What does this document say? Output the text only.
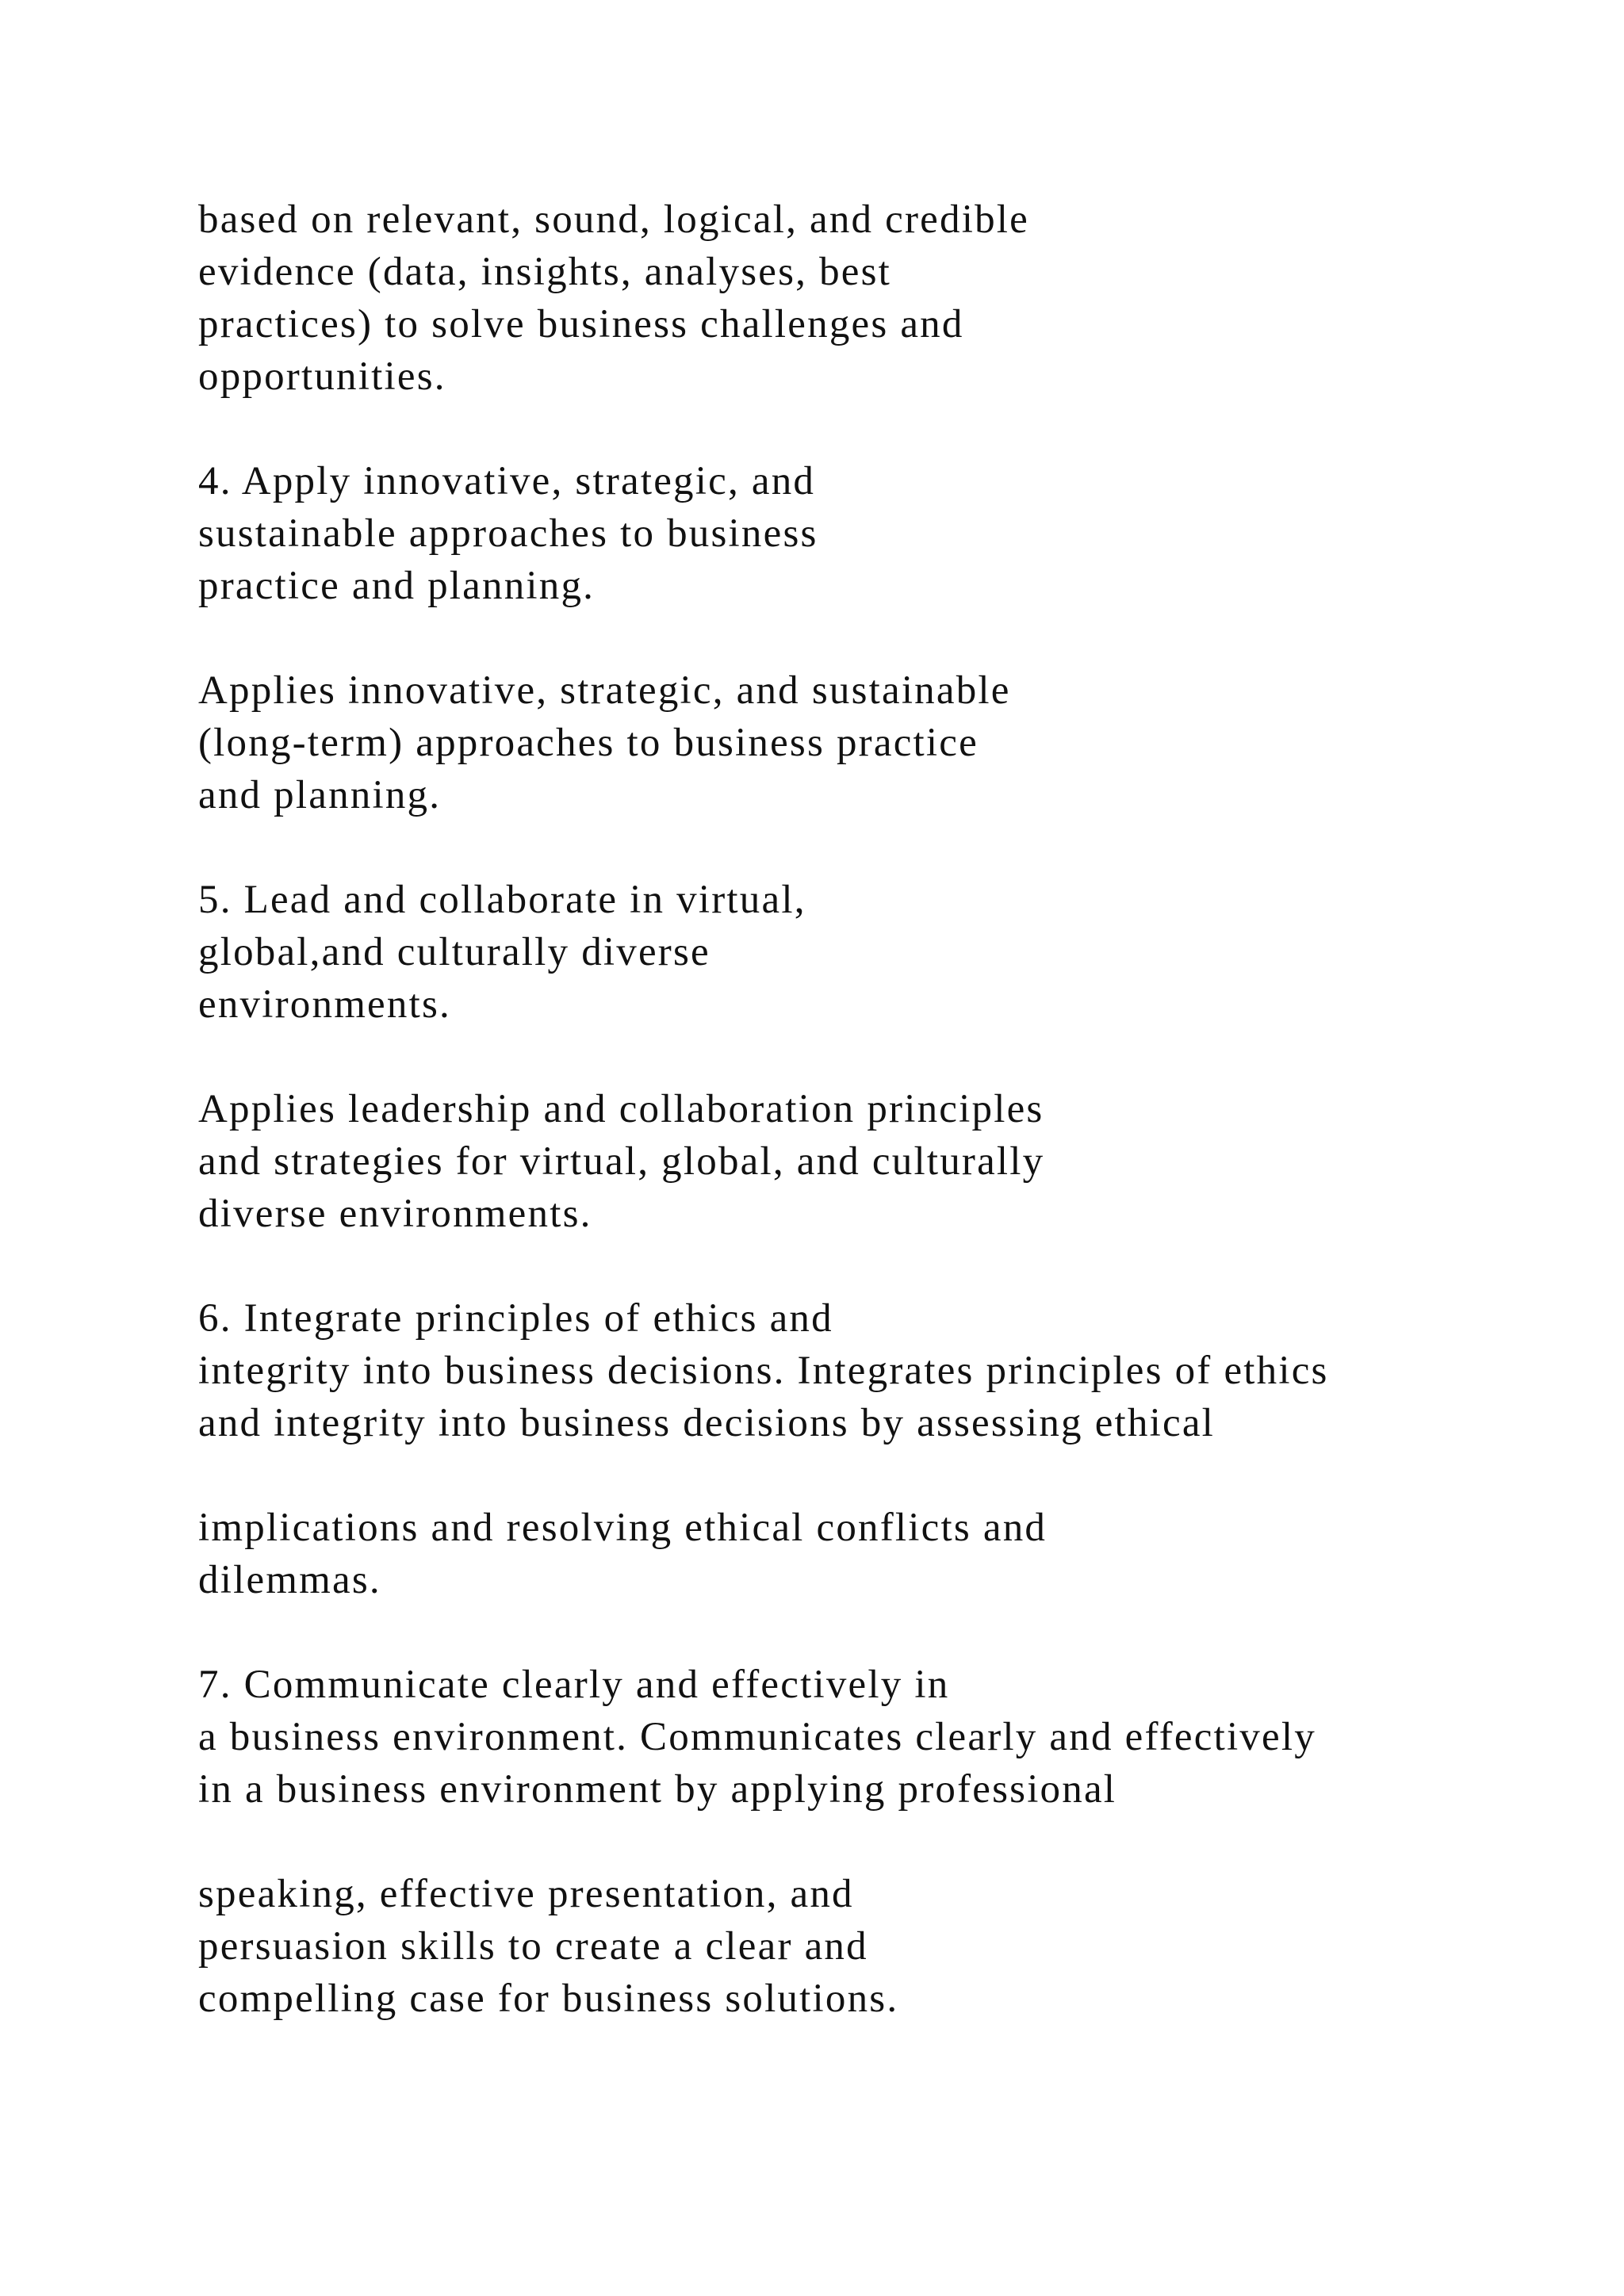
based on relevant, sound, logical, and credible
evidence (data, insights, analyses, best
practices) to solve business challenges and
opportunities.

4. Apply innovative, strategic, and
sustainable approaches to business
practice and planning.

Applies innovative, strategic, and sustainable
(long-term) approaches to business practice
and planning.

5. Lead and collaborate in virtual,
global,and culturally diverse
environments.

Applies leadership and collaboration principles
and strategies for virtual, global, and culturally
diverse environments.

6. Integrate principles of ethics and
integrity into business decisions. Integrates principles of ethics
and integrity into business decisions by assessing ethical

implications and resolving ethical conflicts and
dilemmas.

7. Communicate clearly and effectively in
a business environment. Communicates clearly and effectively
in a business environment by applying professional

speaking, effective presentation, and
persuasion skills to create a clear and
compelling case for business solutions.
